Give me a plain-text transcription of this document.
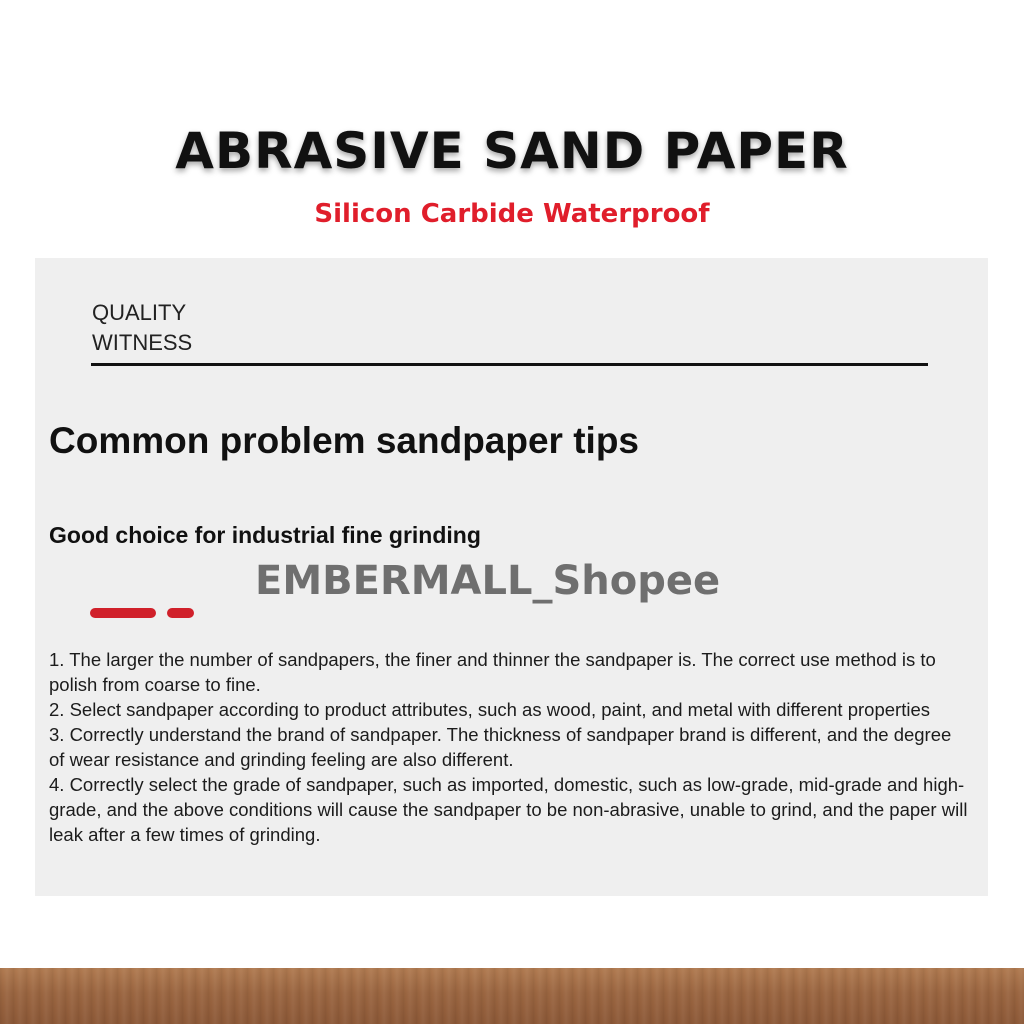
ABRASIVE SAND PAPER
Silicon Carbide Waterproof
QUALITY
WITNESS
Common problem sandpaper tips
Good choice for industrial fine grinding
EMBERMALL_Shopee

1. The larger the number of sandpapers, the finer and thinner the sandpaper is. The correct use method is to polish from coarse to fine.

2. Select sandpaper according to product attributes, such as wood, paint, and metal with different properties

3. Correctly understand the brand of sandpaper. The thickness of sandpaper brand is different, and the degree of wear resistance and grinding feeling are also different.

4. Correctly select the grade of sandpaper, such as imported, domestic, such as low-grade, mid-grade and high-grade, and the above conditions will cause the sandpaper to be non-abrasive, unable to grind, and the paper will leak after a few times of grinding.
